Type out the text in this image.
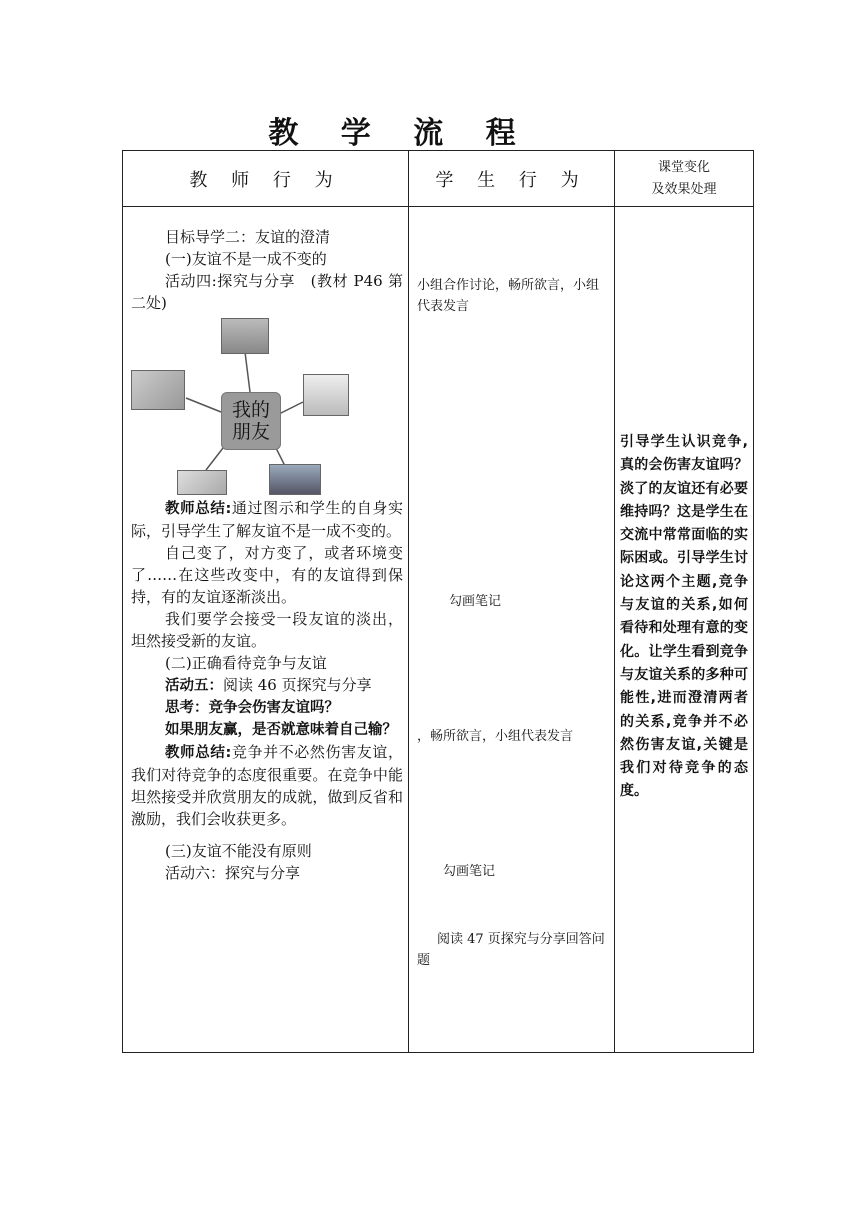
教 学 流 程
教 师 行 为	学 生 行 为
课堂变化
及效果处理

目标导学二：友谊的澄清

(一)友谊不是一成不变的

活动四:探究与分享　(教材 P46 第二处)

我的
朋友

教师总结:通过图示和学生的自身实际，引导学生了解友谊不是一成不变的。

自己变了，对方变了，或者环境变了……在这些改变中，有的友谊得到保持，有的友谊逐渐淡出。

我们要学会接受一段友谊的淡出，坦然接受新的友谊。

(二)正确看待竞争与友谊

活动五：阅读 46 页探究与分享

思考：竞争会伤害友谊吗？

如果朋友赢，是否就意味着自己输？

教师总结:竞争并不必然伤害友谊，我们对待竞争的态度很重要。在竞争中能坦然接受并欣赏朋友的成就，做到反省和激励，我们会收获更多。

(三)友谊不能没有原则

活动六：探究与分享

小组合作讨论，畅所欲言，小组代表发言
勾画笔记
，畅所欲言，小组代表发言
勾画笔记
阅读 47 页探究与分享回答问题
引导学生认识竞争,真的会伤害友谊吗？淡了的友谊还有必要维持吗？这是学生在交流中常常面临的实际困或。引导学生讨论这两个主题,竞争与友谊的关系,如何看待和处理有意的变化。让学生看到竞争与友谊关系的多种可能性,进而澄清两者的关系,竞争并不必然伤害友谊,关键是我们对待竞争的态度。
